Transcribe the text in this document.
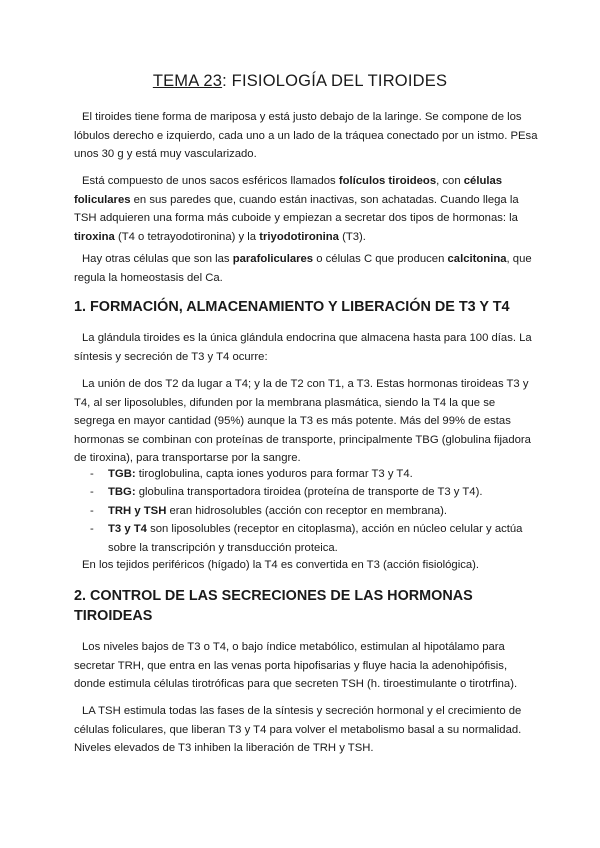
TEMA 23: FISIOLOGÍA DEL TIROIDES

El tiroides tiene forma de mariposa y está justo debajo de la laringe. Se compone de los lóbulos derecho e izquierdo, cada uno a un lado de la tráquea conectado por un istmo. PEsa unos 30 g y está muy vascularizado.

Está compuesto de unos sacos esféricos llamados folículos tiroideos, con células foliculares en sus paredes que, cuando están inactivas, son achatadas. Cuando llega la TSH adquieren una forma más cuboide y empiezan a secretar dos tipos de hormonas: la tiroxina (T4 o tetrayodotironina) y la triyodotironina (T3).

Hay otras células que son las parafoliculares o células C que producen calcitonina, que regula la homeostasis del Ca.

1. FORMACIÓN, ALMACENAMIENTO Y LIBERACIÓN DE T3 Y T4

La glándula tiroides es la única glándula endocrina que almacena hasta para 100 días. La síntesis y secreción de T3 y T4 ocurre:

La unión de dos T2 da lugar a T4; y la de T2 con T1, a T3. Estas hormonas tiroideas T3 y T4, al ser liposolubles, difunden por la membrana plasmática, siendo la T4 la que se segrega en mayor cantidad (95%) aunque la T3 es más potente. Más del 99% de estas hormonas se combinan con proteínas de transporte, principalmente TBG (globulina fijadora de tiroxina), para transportarse por la sangre.

- TGB: tiroglobulina, capta iones yoduros para formar T3 y T4.
- TBG: globulina transportadora tiroidea (proteína de transporte de T3 y T4).
- TRH y TSH eran hidrosolubles (acción con receptor en membrana).
- T3 y T4 son liposolubles (receptor en citoplasma), acción en núcleo celular y actúa sobre la transcripción y transducción proteica.

En los tejidos periféricos (hígado) la T4 es convertida en T3 (acción fisiológica).

2. CONTROL DE LAS SECRECIONES DE LAS HORMONAS TIROIDEAS

Los niveles bajos de T3 o T4, o bajo índice metabólico, estimulan al hipotálamo para secretar TRH, que entra en las venas porta hipofisarias y fluye hacia la adenohipófisis, donde estimula células tirotróficas para que secreten TSH (h. tiroestimulante o tirotrfina).

LA TSH estimula todas las fases de la síntesis y secreción hormonal y el crecimiento de células foliculares, que liberan T3 y T4 para volver el metabolismo basal a su normalidad. Niveles elevados de T3 inhiben la liberación de TRH y TSH.
